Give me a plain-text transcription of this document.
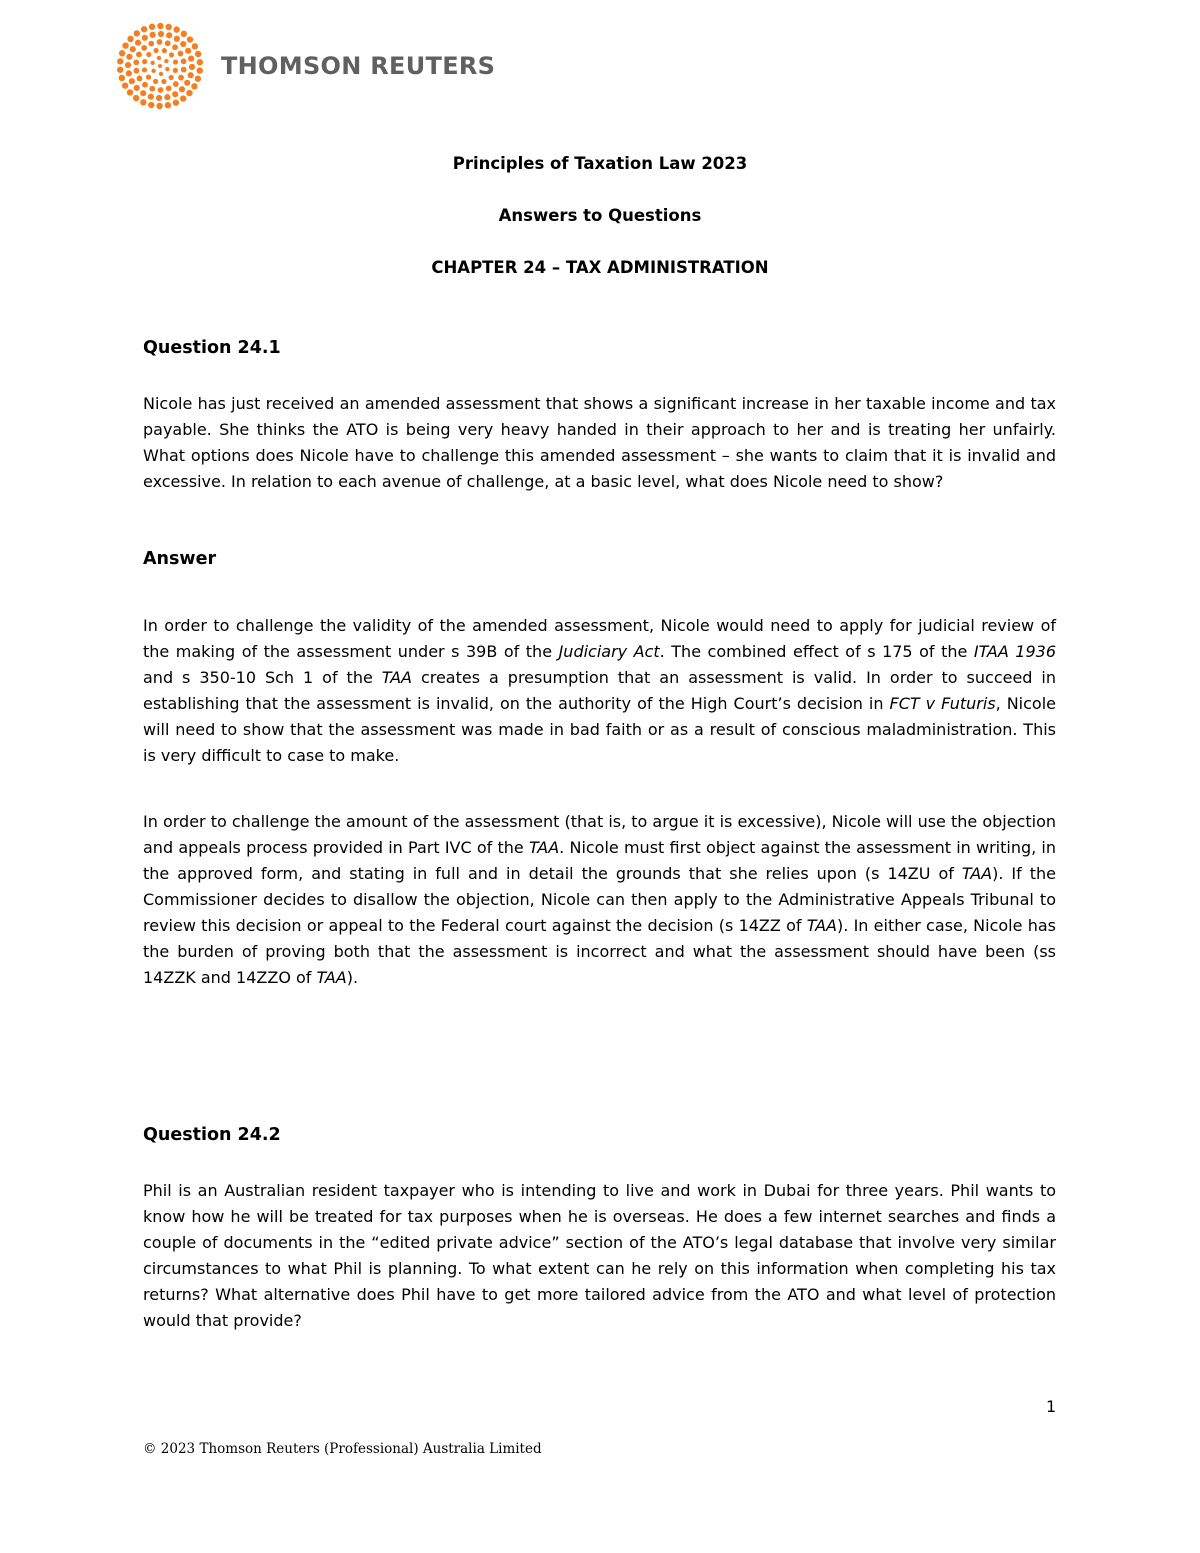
THOMSON REUTERS
Principles of Taxation Law 2023
Answers to Questions
CHAPTER 24 – TAX ADMINISTRATION
Question 24.1
Nicole has just received an amended assessment that shows a significant increase in her taxable income and tax payable. She thinks the ATO is being very heavy handed in their approach to her and is treating her unfairly. What options does Nicole have to challenge this amended assessment – she wants to claim that it is invalid and excessive. In relation to each avenue of challenge, at a basic level, what does Nicole need to show?
Answer
In order to challenge the validity of the amended assessment, Nicole would need to apply for judicial review of the making of the assessment under s 39B of the Judiciary Act. The combined effect of s 175 of the ITAA 1936 and s 350-10 Sch 1 of the TAA creates a presumption that an assessment is valid. In order to succeed in establishing that the assessment is invalid, on the authority of the High Court’s decision in FCT v Futuris, Nicole will need to show that the assessment was made in bad faith or as a result of conscious maladministration. This is very difficult to case to make.
In order to challenge the amount of the assessment (that is, to argue it is excessive), Nicole will use the objection and appeals process provided in Part IVC of the TAA. Nicole must first object against the assessment in writing, in the approved form, and stating in full and in detail the grounds that she relies upon (s 14ZU of TAA). If the Commissioner decides to disallow the objection, Nicole can then apply to the Administrative Appeals Tribunal to review this decision or appeal to the Federal court against the decision (s 14ZZ of TAA). In either case, Nicole has the burden of proving both that the assessment is incorrect and what the assessment should have been (ss 14ZZK and 14ZZO of TAA).
Question 24.2
Phil is an Australian resident taxpayer who is intending to live and work in Dubai for three years. Phil wants to know how he will be treated for tax purposes when he is overseas. He does a few internet searches and finds a couple of documents in the “edited private advice” section of the ATO’s legal database that involve very similar circumstances to what Phil is planning. To what extent can he rely on this information when completing his tax returns? What alternative does Phil have to get more tailored advice from the ATO and what level of protection would that provide?
1
© 2023 Thomson Reuters (Professional) Australia Limited
